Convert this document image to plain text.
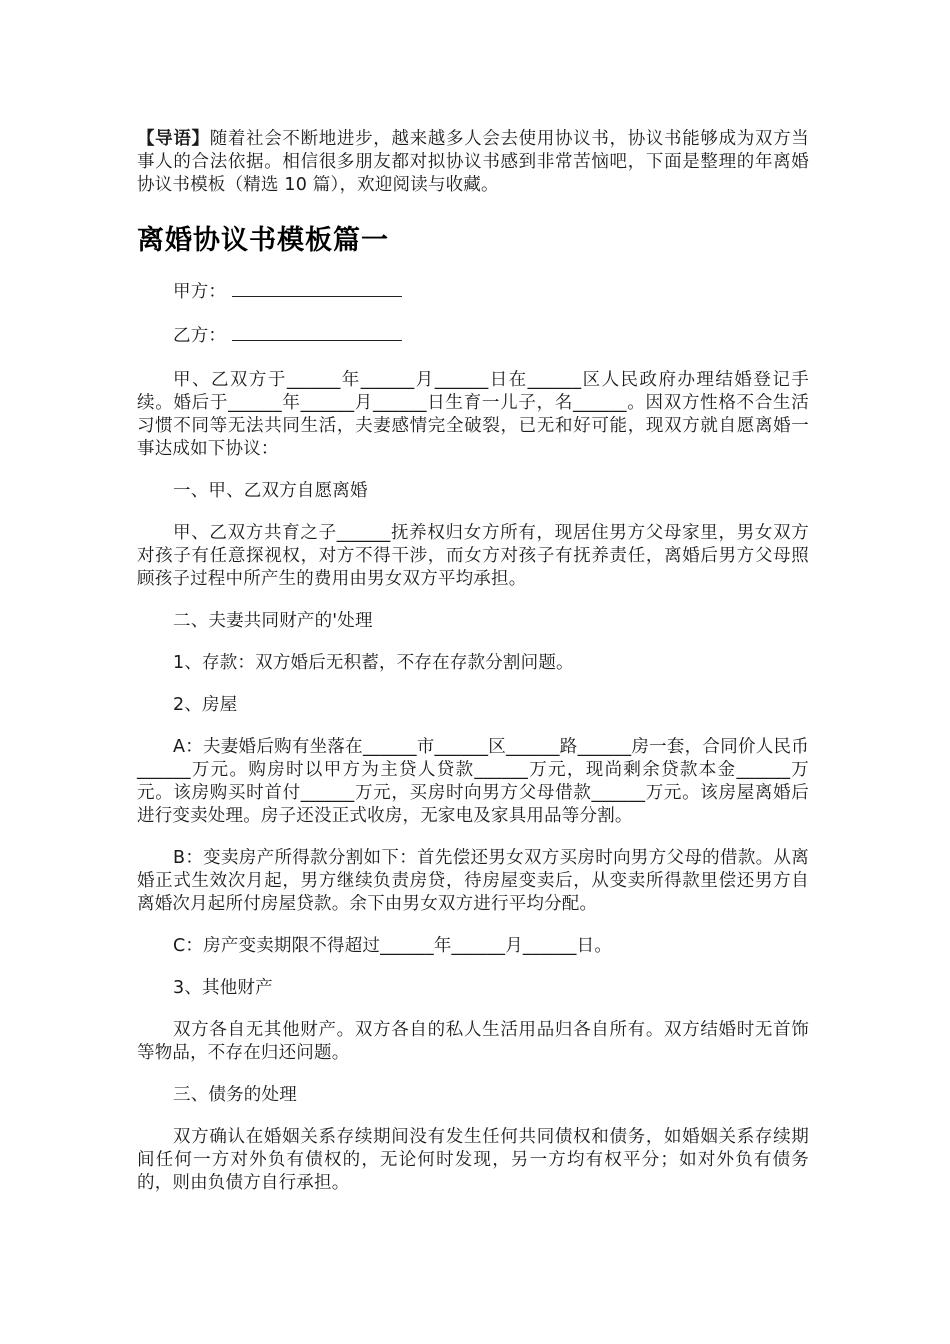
【导语】随着社会不断地进步，越来越多人会去使用协议书，协议书能够成为双方当事人的合法依据。相信很多朋友都对拟协议书感到非常苦恼吧，下面是整理的年离婚协议书模板（精选 10 篇），欢迎阅读与收藏。

离婚协议书模板篇一

甲方：

乙方：

甲、乙双方于______年______月______日在______区人民政府办理结婚登记手续。婚后于______年______月______日生育一儿子，名______。因双方性格不合生活习惯不同等无法共同生活，夫妻感情完全破裂，已无和好可能，现双方就自愿离婚一事达成如下协议：

一、甲、乙双方自愿离婚

甲、乙双方共育之子______抚养权归女方所有，现居住男方父母家里，男女双方对孩子有任意探视权，对方不得干涉，而女方对孩子有抚养责任，离婚后男方父母照顾孩子过程中所产生的费用由男女双方平均承担。

二、夫妻共同财产的'处理

1、存款：双方婚后无积蓄，不存在存款分割问题。

2、房屋

A：夫妻婚后购有坐落在______市______区______路______房一套，合同价人民币______万元。购房时以甲方为主贷人贷款______万元，现尚剩余贷款本金______万元。该房购买时首付______万元，买房时向男方父母借款______万元。该房屋离婚后进行变卖处理。房子还没正式收房，无家电及家具用品等分割。

B：变卖房产所得款分割如下：首先偿还男女双方买房时向男方父母的借款。从离婚正式生效次月起，男方继续负责房贷，待房屋变卖后，从变卖所得款里偿还男方自离婚次月起所付房屋贷款。余下由男女双方进行平均分配。

C：房产变卖期限不得超过______年______月______日。

3、其他财产

双方各自无其他财产。双方各自的私人生活用品归各自所有。双方结婚时无首饰等物品，不存在归还问题。

三、债务的处理

双方确认在婚姻关系存续期间没有发生任何共同债权和债务，如婚姻关系存续期间任何一方对外负有债权的，无论何时发现，另一方均有权平分；如对外负有债务的，则由负债方自行承担。
